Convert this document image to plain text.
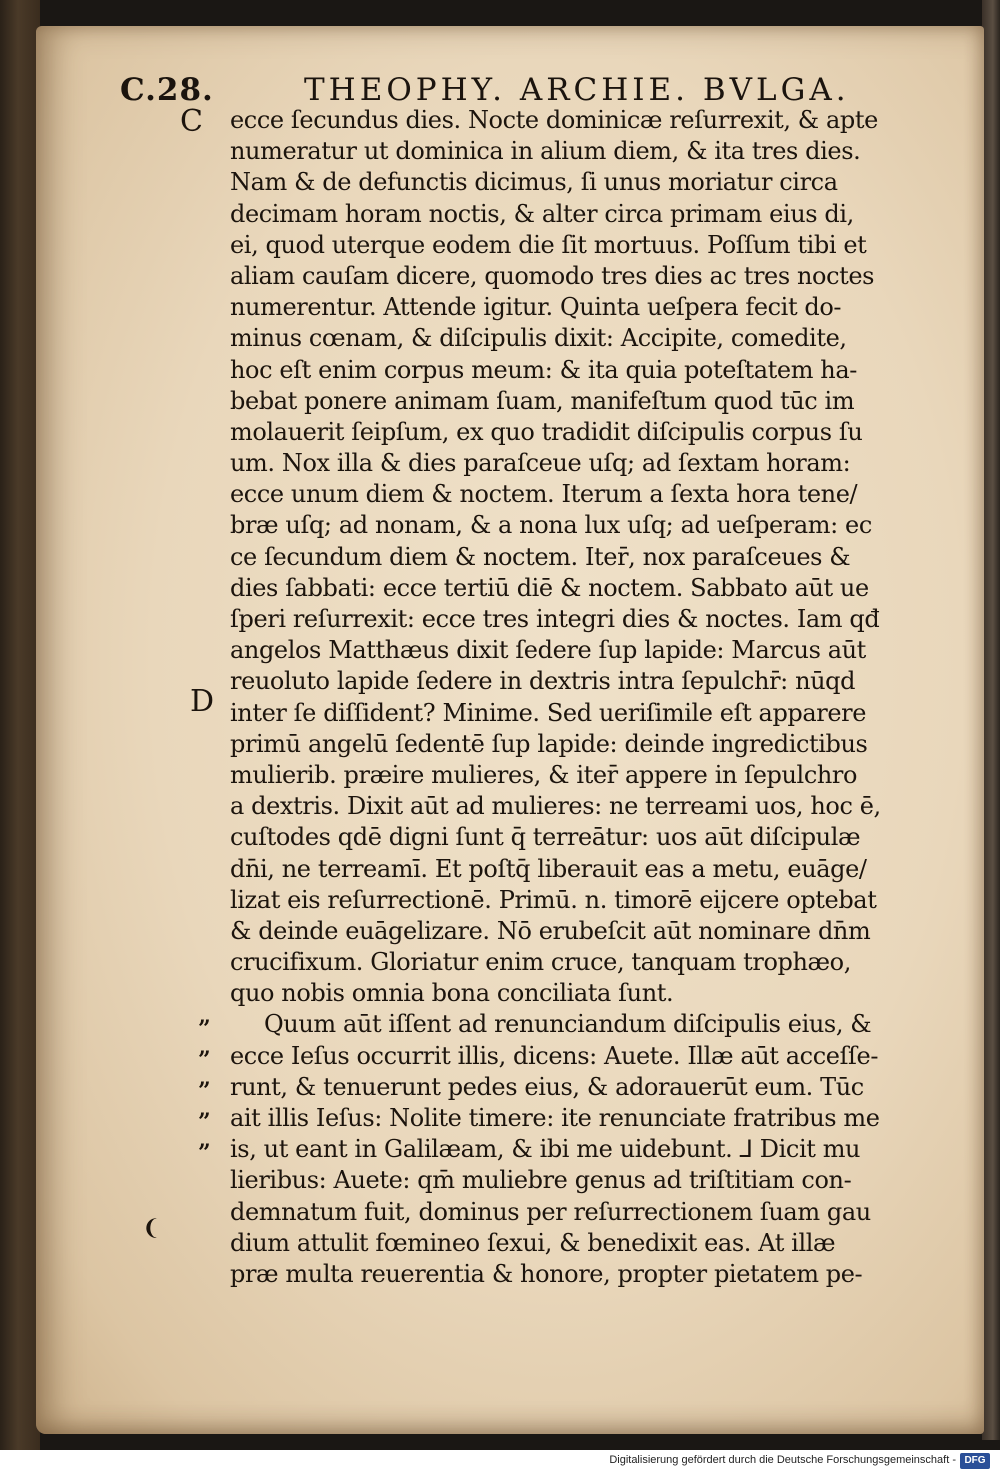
C.28.	THEOPHY. ARCHIE. BVLGA.
C
D
”
”
”
”
”
❨
ecce ſecundus dies. Nocte dominicæ reſurrexit, & apte
numeratur ut dominica in alium diem, & ita tres dies.
Nam & de defunctis dicimus, ſi unus moriatur circa
decimam horam noctis, & alter circa primam eius di,
ei, quod uterque eodem die ſit mortuus. Poſſum tibi et
aliam cauſam dicere, quomodo tres dies ac tres noctes
numerentur. Attende igitur. Quinta ueſpera fecit do-
minus cœnam, & diſcipulis dixit: Accipite, comedite,
hoc eſt enim corpus meum: & ita quia poteſtatem ha-
bebat ponere animam ſuam, manifeſtum quod tūc im
molauerit ſeipſum, ex quo tradidit diſcipulis corpus ſu
um. Nox illa & dies paraſceue uſq; ad ſextam horam:
ecce unum diem & noctem. Iterum a ſexta hora tene/
bræ uſq; ad nonam, & a nona lux uſq; ad ueſperam: ec
ce ſecundum diem & noctem. Iter̄, nox paraſceues &
dies ſabbati: ecce tertiū diē & noctem. Sabbato aūt ue
ſperi reſurrexit: ecce tres integri dies & noctes. Iam qđ
angelos Matthæus dixit ſedere ſup lapide: Marcus aūt
reuoluto lapide ſedere in dextris intra ſepulchr̄: nūqd
inter ſe diſſident? Minime. Sed ueriſimile eſt apparere
primū angelū ſedentē ſup lapide: deinde ingredictibus
mulierib. præire mulieres, & iter̄ appere in ſepulchro
a dextris. Dixit aūt ad mulieres: ne terreami uos, hoc ē,
cuſtodes qdē digni ſunt q̄ terreātur: uos aūt diſcipulæ
dn̄i, ne terreamī. Et poſtq̄ liberauit eas a metu, euāge/
lizat eis reſurrectionē. Primū. n. timorē eijcere optebat
& deinde euāgelizare. Nō erubeſcit aūt nominare dn̄m
crucifixum. Gloriatur enim cruce, tanquam trophæo,
quo nobis omnia bona conciliata ſunt.
Quum aūt iſſent ad renunciandum diſcipulis eius, &
ecce Ieſus occurrit illis, dicens: Auete. Illæ aūt acceſſe-
runt, & tenuerunt pedes eius, & adorauerūt eum. Tūc
ait illis Ieſus: Nolite timere: ite renunciate fratribus me
is, ut eant in Galilæam, & ibi me uidebunt. ⅃ Dicit mu
lieribus: Auete: qm̄ muliebre genus ad triſtitiam con-
demnatum fuit, dominus per reſurrectionem ſuam gau
dium attulit fœmineo ſexui, & benedixit eas. At illæ
præ multa reuerentia & honore, propter pietatem pe-
Digitalisierung gefördert durch die Deutsche Forschungsgemeinschaft - DFG
